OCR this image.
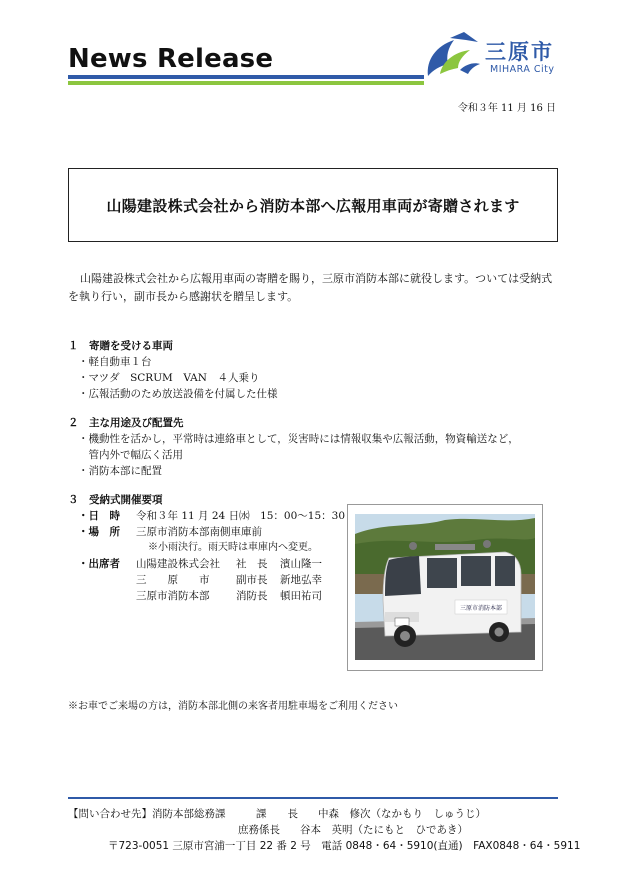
News Release	三原市
MIHARA City
令和３年 11 月 16 日
山陽建設株式会社から消防本部へ広報用車両が寄贈されます
山陽建設株式会社から広報用車両の寄贈を賜り，三原市消防本部に就役します。ついては受納式を執り行い，副市長から感謝状を贈呈します。
１　寄贈を受ける車両
・軽自動車１台
・マツダ　SCRUM　VAN　４人乗り
・広報活動のため放送設備を付属した仕様
２　主な用途及び配置先
・機動性を活かし，平常時は連絡車として，災害時には情報収集や広報活動，物資輸送など，
　管内外で幅広く活用
・消防本部に配置
３　受納式開催要項
・日　時	令和３年 11 月 24 日㈬　15：00～15：30
・場　所	三原市消防本部南側車庫前
※小雨決行。雨天時は車庫内へ変更。
・出席者	山陽建設株式会社	社　長	濱山隆一
三　　原　　市	副市長	新地弘幸
三原市消防本部	消防長	頓田祐司
三原市消防本部
※お車でご来場の方は，消防本部北側の来客者用駐車場をご利用ください
【問い合わせ先】 消防本部総務課	課　　長	中森　修次（なかもり　しゅうじ）
庶務係長	谷本　英明（たにもと　ひであき）
〒723-0051 三原市宮浦一丁目 22 番 2 号　電話 0848・64・5910(直通)　FAX0848・64・5911
